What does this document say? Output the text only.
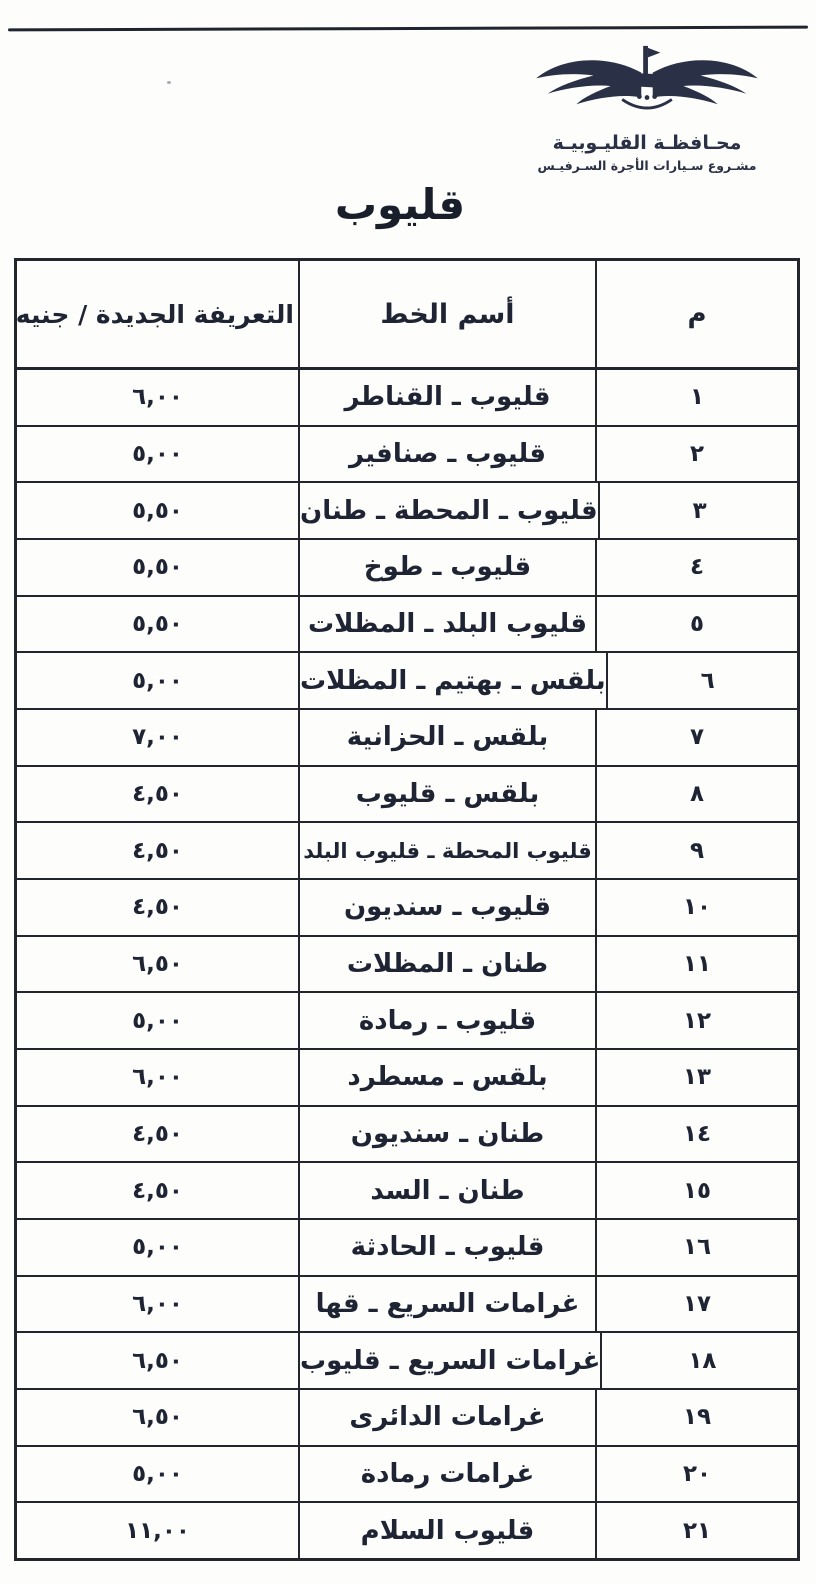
محـافظـة القليـوبيـة
مشـروع سـيارات الأجرة السـرفيـس
قليوب
التعريفة الجديدة / جنيه	أسم الخط	م
٦,٠٠	قليوب ـ القناطر	١
٥,٠٠	قليوب ـ صنافير	٢
٥,٥٠	قليوب ـ المحطة ـ طنان	٣
٥,٥٠	قليوب ـ طوخ	٤
٥,٥٠	قليوب البلد ـ المظلات	٥
٥,٠٠	بلقس ـ بهتيم ـ المظلات	٦
٧,٠٠	بلقس ـ الحزانية	٧
٤,٥٠	بلقس ـ قليوب	٨
٤,٥٠	قليوب المحطة ـ قليوب البلد	٩
٤,٥٠	قليوب ـ سنديون	١٠
٦,٥٠	طنان ـ المظلات	١١
٥,٠٠	قليوب ـ رمادة	١٢
٦,٠٠	بلقس ـ مسطرد	١٣
٤,٥٠	طنان ـ سنديون	١٤
٤,٥٠	طنان ـ السد	١٥
٥,٠٠	قليوب ـ الحادثة	١٦
٦,٠٠	غرامات السريع ـ قها	١٧
٦,٥٠	غرامات السريع ـ قليوب	١٨
٦,٥٠	غرامات الدائرى	١٩
٥,٠٠	غرامات رمادة	٢٠
١١,٠٠	قليوب السلام	٢١
